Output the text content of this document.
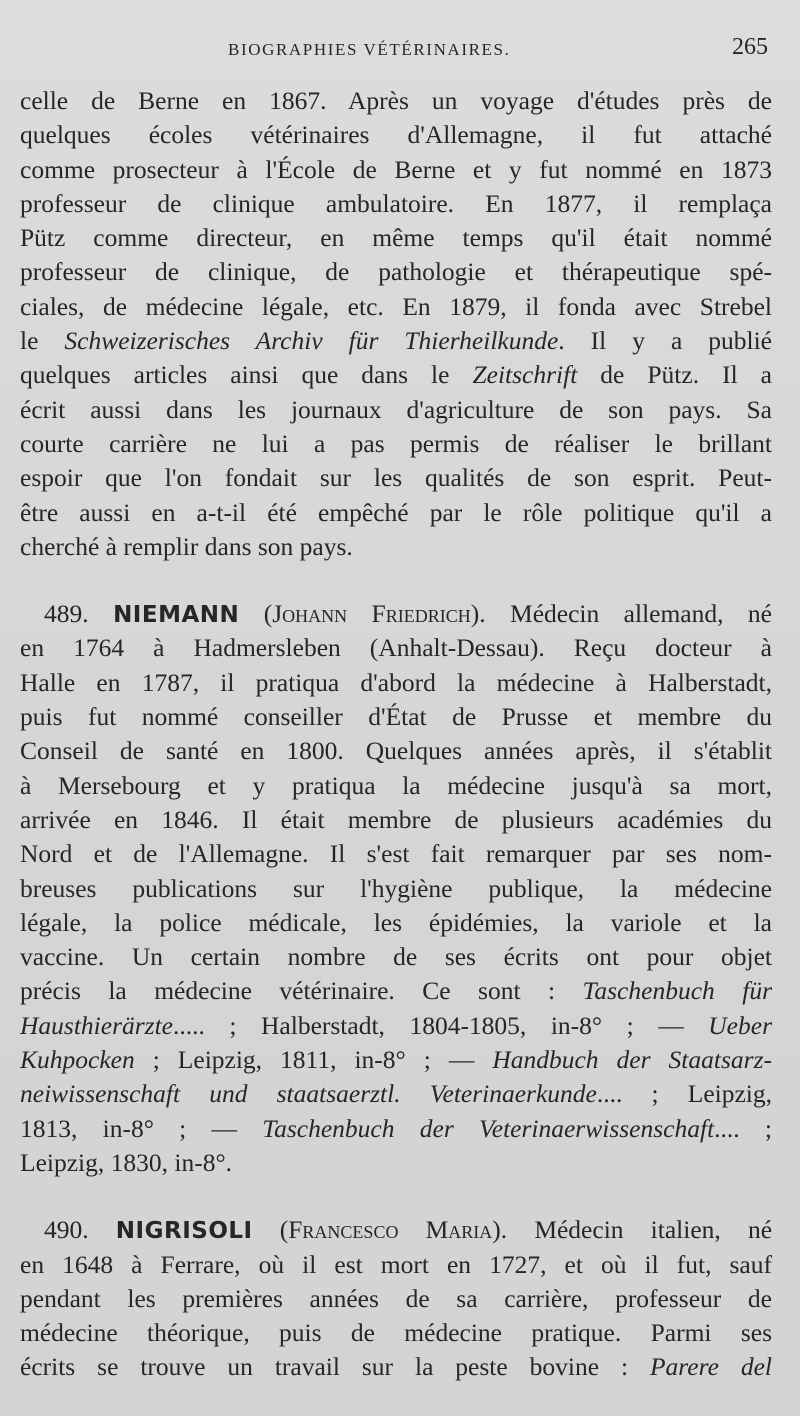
BIOGRAPHIES VÉTÉRINAIRES.	265
celle de Berne en 1867. Après un voyage d'études près de
quelques écoles vétérinaires d'Allemagne, il fut attaché
comme prosecteur à l'École de Berne et y fut nommé en 1873
professeur de clinique ambulatoire. En 1877, il remplaça
Pütz comme directeur, en même temps qu'il était nommé
professeur de clinique, de pathologie et thérapeutique spé-
ciales, de médecine légale, etc. En 1879, il fonda avec Strebel
le Schweizerisches Archiv für Thierheilkunde. Il y a publié
quelques articles ainsi que dans le Zeitschrift de Pütz. Il a
écrit aussi dans les journaux d'agriculture de son pays. Sa
courte carrière ne lui a pas permis de réaliser le brillant
espoir que l'on fondait sur les qualités de son esprit. Peut-
être aussi en a-t-il été empêché par le rôle politique qu'il a
cherché à remplir dans son pays.
489. NIEMANN (Johann Friedrich). Médecin allemand, né
en 1764 à Hadmersleben (Anhalt-Dessau). Reçu docteur à
Halle en 1787, il pratiqua d'abord la médecine à Halberstadt,
puis fut nommé conseiller d'État de Prusse et membre du
Conseil de santé en 1800. Quelques années après, il s'établit
à Mersebourg et y pratiqua la médecine jusqu'à sa mort,
arrivée en 1846. Il était membre de plusieurs académies du
Nord et de l'Allemagne. Il s'est fait remarquer par ses nom-
breuses publications sur l'hygiène publique, la médecine
légale, la police médicale, les épidémies, la variole et la
vaccine. Un certain nombre de ses écrits ont pour objet
précis la médecine vétérinaire. Ce sont : Taschenbuch für
Hausthierärzte..... ; Halberstadt, 1804-1805, in-8° ; — Ueber
Kuhpocken ; Leipzig, 1811, in-8° ; — Handbuch der Staatsarz-
neiwissenschaft und staatsaerztl. Veterinaerkunde.... ; Leipzig,
1813, in-8° ; — Taschenbuch der Veterinaerwissenschaft.... ;
Leipzig, 1830, in-8°.
490. NIGRISOLI (Francesco Maria). Médecin italien, né
en 1648 à Ferrare, où il est mort en 1727, et où il fut, sauf
pendant les premières années de sa carrière, professeur de
médecine théorique, puis de médecine pratique. Parmi ses
écrits se trouve un travail sur la peste bovine : Parere del
